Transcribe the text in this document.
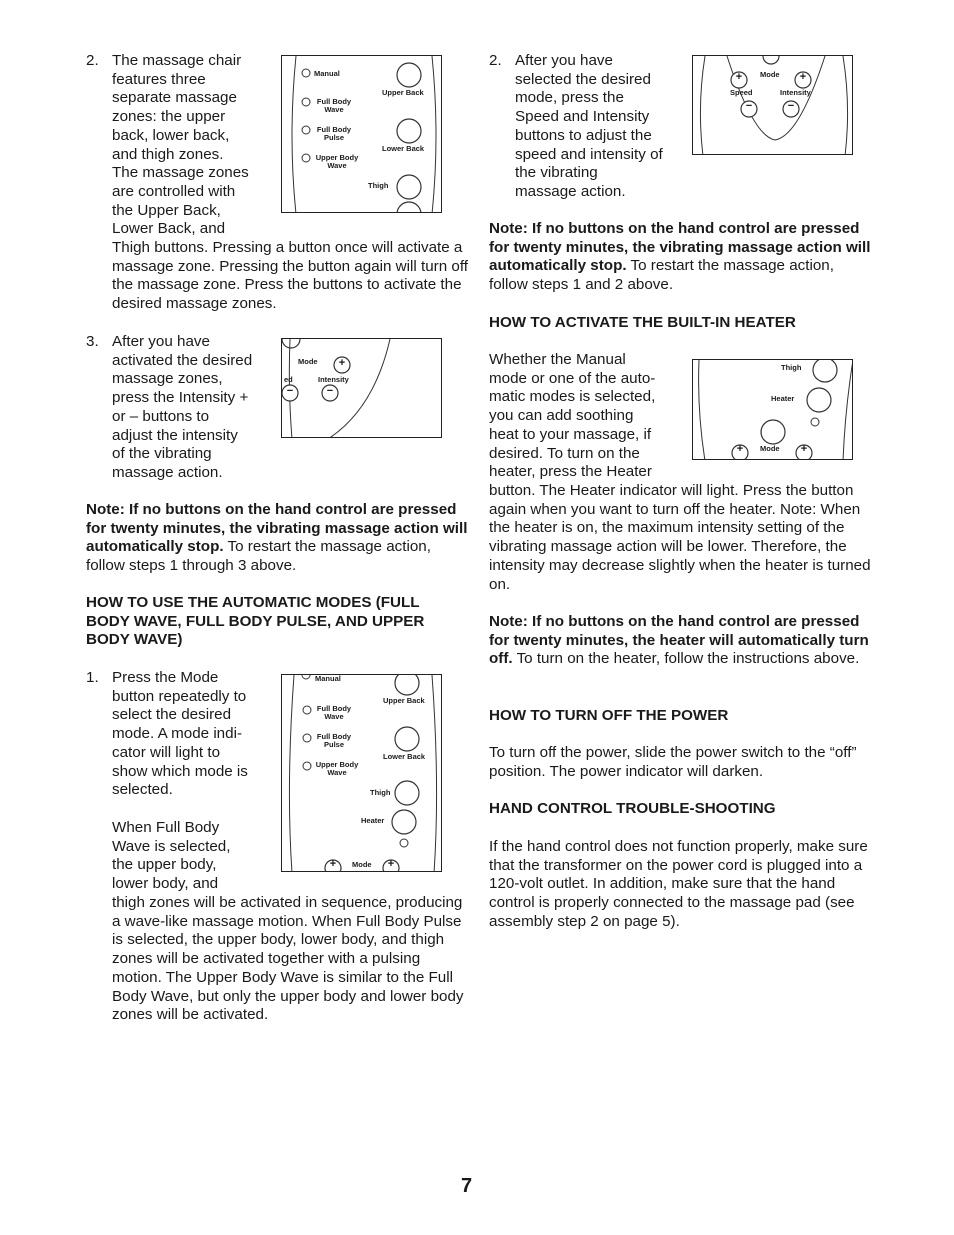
2. The massage chair
features three
separate massage
zones: the upper
back, lower back,
and thigh zones.
The massage zones
are controlled with
the Upper Back,
Lower Back, and
Thigh buttons. Pressing a button once will activate a massage zone. Pressing the button again will turn off the massage zone. Press the buttons to activate the desired massage zones.
Manual
Full Body
Wave
Full Body
Pulse
Upper Body
Wave
Upper Back
Lower Back
Thigh
3. After you have
activated the desired
massage zones,
press the Intensity +
or – buttons to
adjust the intensity
of the vibrating
massage action.
Mode
ed	Intensity
−
+
−
Note: If no buttons on the hand control are pressed for twenty minutes, the vibrating massage action will automatically stop. To restart the massage action, follow steps 1 through 3 above.
HOW TO USE THE AUTOMATIC MODES (FULL BODY WAVE, FULL BODY PULSE, AND UPPER BODY WAVE)
1. Press the Mode
button repeatedly to
select the desired
mode. A mode indi-
cator will light to
show which mode is
selected.
When Full Body
Wave is selected,
the upper body,
lower body, and
thigh zones will be activated in sequence, producing a wave-like massage motion. When Full Body Pulse is selected, the upper body, lower body, and thigh zones will be activated together with a pulsing motion. The Upper Body Wave is similar to the Full Body Wave, but only the upper body and lower body zones will be activated.
Manual
Full Body
Wave
Full Body
Pulse
Upper Body
Wave
Upper Back
Lower Back
Thigh
Heater
Mode
+	+
2. After you have
selected the desired
mode, press the
Speed and Intensity
buttons to adjust the
speed and intensity of
the vibrating
massage action.
Mode
Speed	Intensity
+	+
−	−
Note: If no buttons on the hand control are pressed for twenty minutes, the vibrating massage action will automatically stop. To restart the massage action, follow steps 1 and 2 above.
HOW TO ACTIVATE THE BUILT-IN HEATER
Whether the Manual
mode or one of the auto-
matic modes is selected,
you can add soothing
heat to your massage, if
desired. To turn on the
heater, press the Heater
button. The Heater indicator will light. Press the button again when you want to turn off the heater. Note: When the heater is on, the maximum intensity setting of the vibrating massage action will be lower. Therefore, the intensity may decrease slightly when the heater is turned on.
Thigh
Heater
Mode
+	+
Note: If no buttons on the hand control are pressed for twenty minutes, the heater will automatically turn off. To turn on the heater, follow the instructions above.
HOW TO TURN OFF THE POWER
To turn off the power, slide the power switch to the “off” position. The power indicator will darken.
HAND CONTROL TROUBLE-SHOOTING
If the hand control does not function properly, make sure that the transformer on the power cord is plugged into a 120-volt outlet. In addition, make sure that the hand control is properly connected to the massage pad (see assembly step 2 on page 5).
7
